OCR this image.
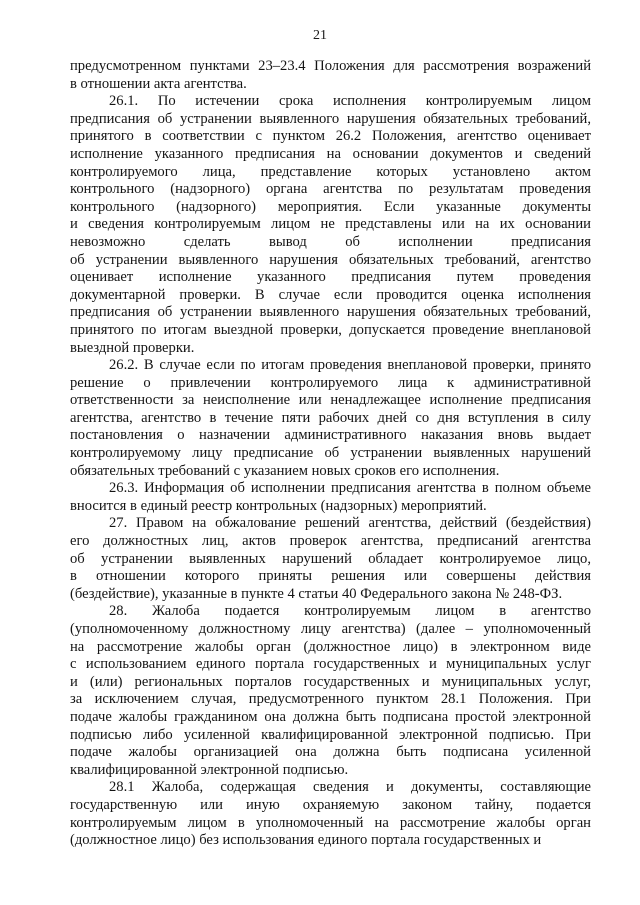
21
предусмотренном пунктами 23–23.4 Положения для рассмотрения возражений
в отношении акта агентства.
26.1. По истечении срока исполнения контролируемым лицом
предписания об устранении выявленного нарушения обязательных требований,
принятого в соответствии с пунктом 26.2 Положения, агентство оценивает
исполнение указанного предписания на основании документов и сведений
контролируемого лица, представление которых установлено актом
контрольного (надзорного) органа агентства по результатам проведения
контрольного (надзорного) мероприятия. Если указанные документы
и сведения контролируемым лицом не представлены или на их основании
невозможно сделать вывод об исполнении предписания
об устранении выявленного нарушения обязательных требований, агентство
оценивает исполнение указанного предписания путем проведения
документарной проверки. В случае если проводится оценка исполнения
предписания об устранении выявленного нарушения обязательных требований,
принятого по итогам выездной проверки, допускается проведение внеплановой
выездной проверки.
26.2. В случае если по итогам проведения внеплановой проверки, принято
решение о привлечении контролируемого лица к административной
ответственности за неисполнение или ненадлежащее исполнение предписания
агентства, агентство в течение пяти рабочих дней со дня вступления в силу
постановления о назначении административного наказания вновь выдает
контролируемому лицу предписание об устранении выявленных нарушений
обязательных требований с указанием новых сроков его исполнения.
26.3. Информация об исполнении предписания агентства в полном объеме
вносится в единый реестр контрольных (надзорных) мероприятий.
27. Правом на обжалование решений агентства, действий (бездействия)
его должностных лиц, актов проверок агентства, предписаний агентства
об устранении выявленных нарушений обладает контролируемое лицо,
в отношении которого приняты решения или совершены действия
(бездействие), указанные в пункте 4 статьи 40 Федерального закона № 248-ФЗ.
28. Жалоба подается контролируемым лицом в агентство
(уполномоченному должностному лицу агентства) (далее – уполномоченный
на рассмотрение жалобы орган (должностное лицо) в электронном виде
с использованием единого портала государственных и муниципальных услуг
и (или) региональных порталов государственных и муниципальных услуг,
за исключением случая, предусмотренного пунктом 28.1 Положения. При
подаче жалобы гражданином она должна быть подписана простой электронной
подписью либо усиленной квалифицированной электронной подписью. При
подаче жалобы организацией она должна быть подписана усиленной
квалифицированной электронной подписью.
28.1 Жалоба, содержащая сведения и документы, составляющие
государственную или иную охраняемую законом тайну, подается
контролируемым лицом в уполномоченный на рассмотрение жалобы орган
(должностное лицо) без использования единого портала государственных и
